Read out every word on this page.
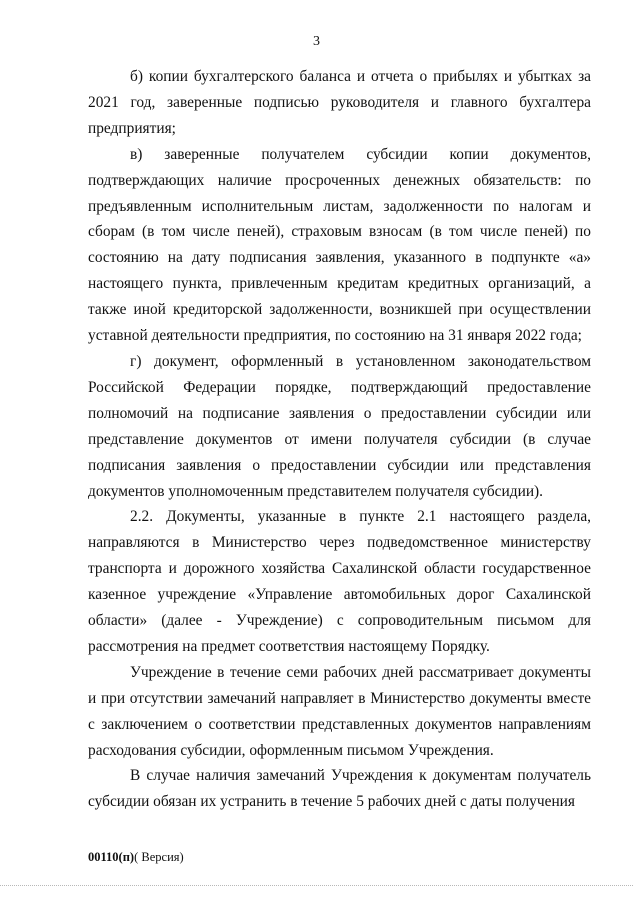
3

б) копии бухгалтерского баланса и отчета о прибылях и убытках за 2021 год, заверенные подписью руководителя и главного бухгалтера предприятия;

в) заверенные получателем субсидии копии документов, подтверждающих наличие просроченных денежных обязательств: по предъявленным исполнительным листам, задолженности по налогам и сборам (в том числе пеней), страховым взносам (в том числе пеней) по состоянию на дату подписания заявления, указанного в подпункте «а» настоящего пункта, привлеченным кредитам кредитных организаций, а также иной кредиторской задолженности, возникшей при осуществлении уставной деятельности предприятия, по состоянию на 31 января 2022 года;

г) документ, оформленный в установленном законодательством Российской Федерации порядке, подтверждающий предоставление полномочий на подписание заявления о предоставлении субсидии или представление документов от имени получателя субсидии (в случае подписания заявления о предоставлении субсидии или представления документов уполномоченным представителем получателя субсидии).

2.2. Документы, указанные в пункте 2.1 настоящего раздела, направляются в Министерство через подведомственное министерству транспорта и дорожного хозяйства Сахалинской области государственное казенное учреждение «Управление автомобильных дорог Сахалинской области» (далее - Учреждение) с сопроводительным письмом для рассмотрения на предмет соответствия настоящему Порядку.

Учреждение в течение семи рабочих дней рассматривает документы и при отсутствии замечаний направляет в Министерство документы вместе с заключением о соответствии представленных документов направлениям расходования субсидии, оформленным письмом Учреждения.

В случае наличия замечаний Учреждения к документам получатель субсидии обязан их устранить в течение 5 рабочих дней с даты получения

00110(п)( Версия)
